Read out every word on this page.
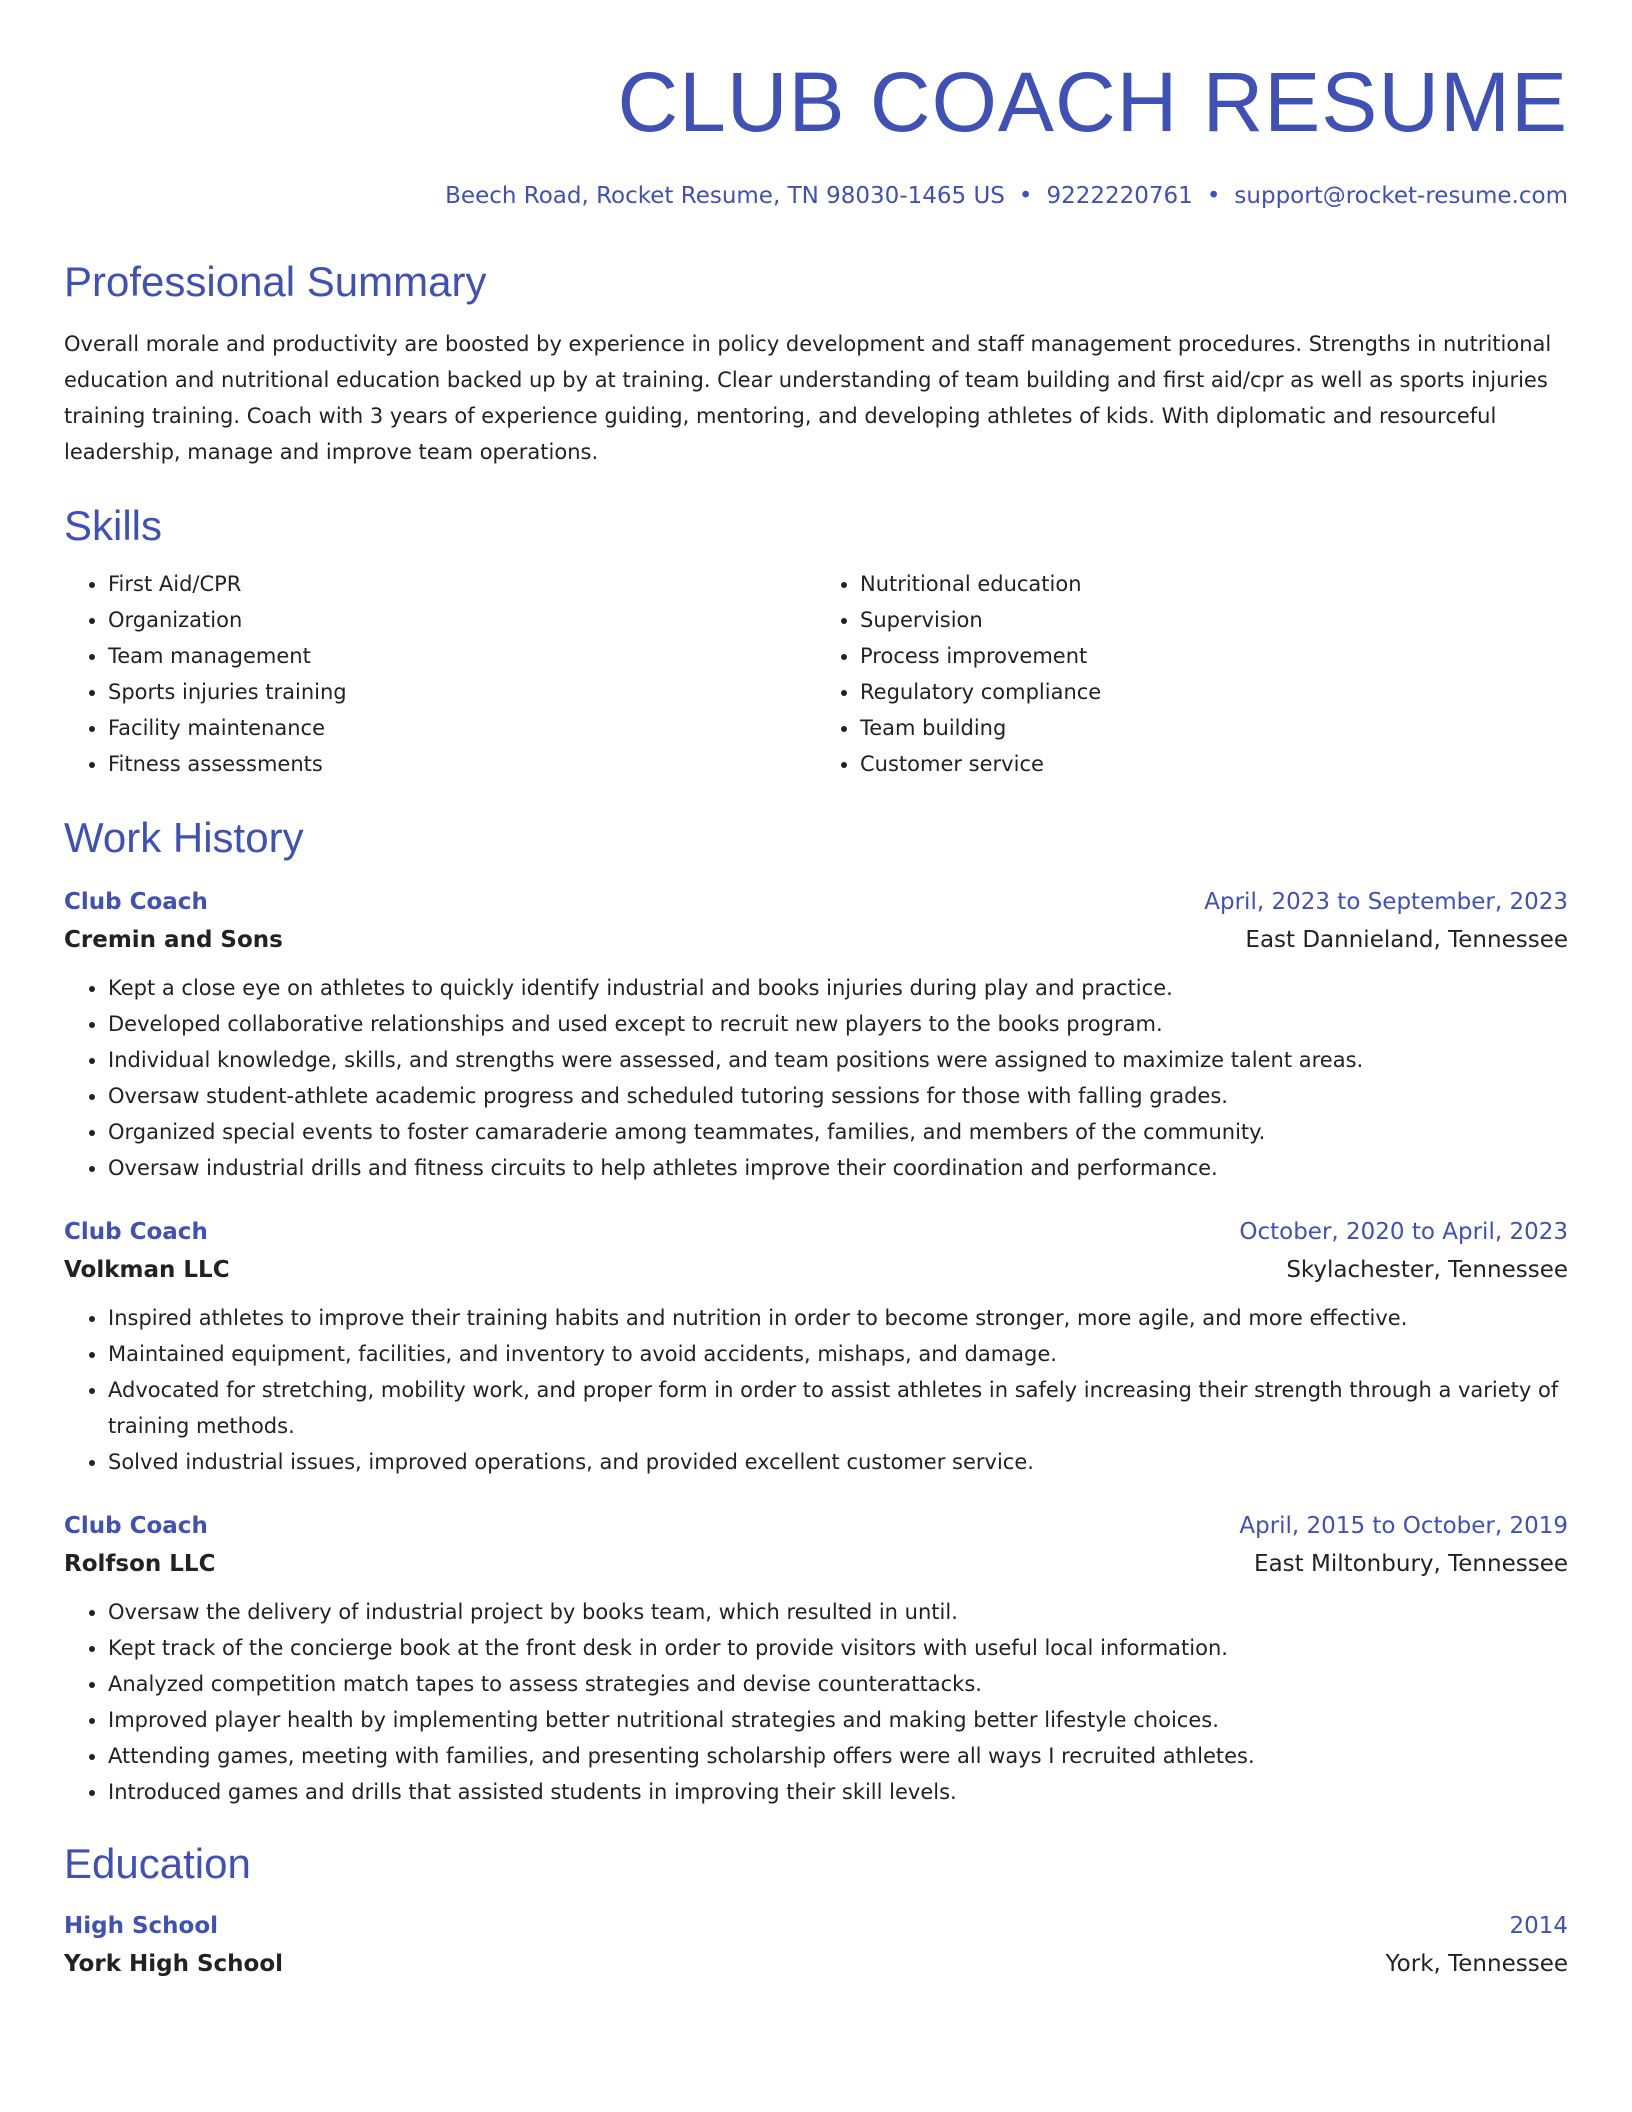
CLUB COACH RESUME
Beech Road, Rocket Resume, TN 98030-1465 US • 9222220761 • support@rocket-resume.com
Professional Summary

Overall morale and productivity are boosted by experience in policy development and staff management procedures. Strengths in nutritional education and nutritional education backed up by at training. Clear understanding of team building and first aid/cpr as well as sports injuries training training. Coach with 3 years of experience guiding, mentoring, and developing athletes of kids. With diplomatic and resourceful leadership, manage and improve team operations.

Skills
• First Aid/CPR
• Organization
• Team management
• Sports injuries training
• Facility maintenance
• Fitness assessments
• Nutritional education
• Supervision
• Process improvement
• Regulatory compliance
• Team building
• Customer service
Work History
Club Coach	April, 2023 to September, 2023
Cremin and Sons	East Dannieland, Tennessee
• Kept a close eye on athletes to quickly identify industrial and books injuries during play and practice.
• Developed collaborative relationships and used except to recruit new players to the books program.
• Individual knowledge, skills, and strengths were assessed, and team positions were assigned to maximize talent areas.
• Oversaw student-athlete academic progress and scheduled tutoring sessions for those with falling grades.
• Organized special events to foster camaraderie among teammates, families, and members of the community.
• Oversaw industrial drills and fitness circuits to help athletes improve their coordination and performance.
Club Coach	October, 2020 to April, 2023
Volkman LLC	Skylachester, Tennessee
• Inspired athletes to improve their training habits and nutrition in order to become stronger, more agile, and more effective.
• Maintained equipment, facilities, and inventory to avoid accidents, mishaps, and damage.
• Advocated for stretching, mobility work, and proper form in order to assist athletes in safely increasing their strength through a variety of training methods.
• Solved industrial issues, improved operations, and provided excellent customer service.
Club Coach	April, 2015 to October, 2019
Rolfson LLC	East Miltonbury, Tennessee
• Oversaw the delivery of industrial project by books team, which resulted in until.
• Kept track of the concierge book at the front desk in order to provide visitors with useful local information.
• Analyzed competition match tapes to assess strategies and devise counterattacks.
• Improved player health by implementing better nutritional strategies and making better lifestyle choices.
• Attending games, meeting with families, and presenting scholarship offers were all ways I recruited athletes.
• Introduced games and drills that assisted students in improving their skill levels.
Education
High School	2014
York High School	York, Tennessee
